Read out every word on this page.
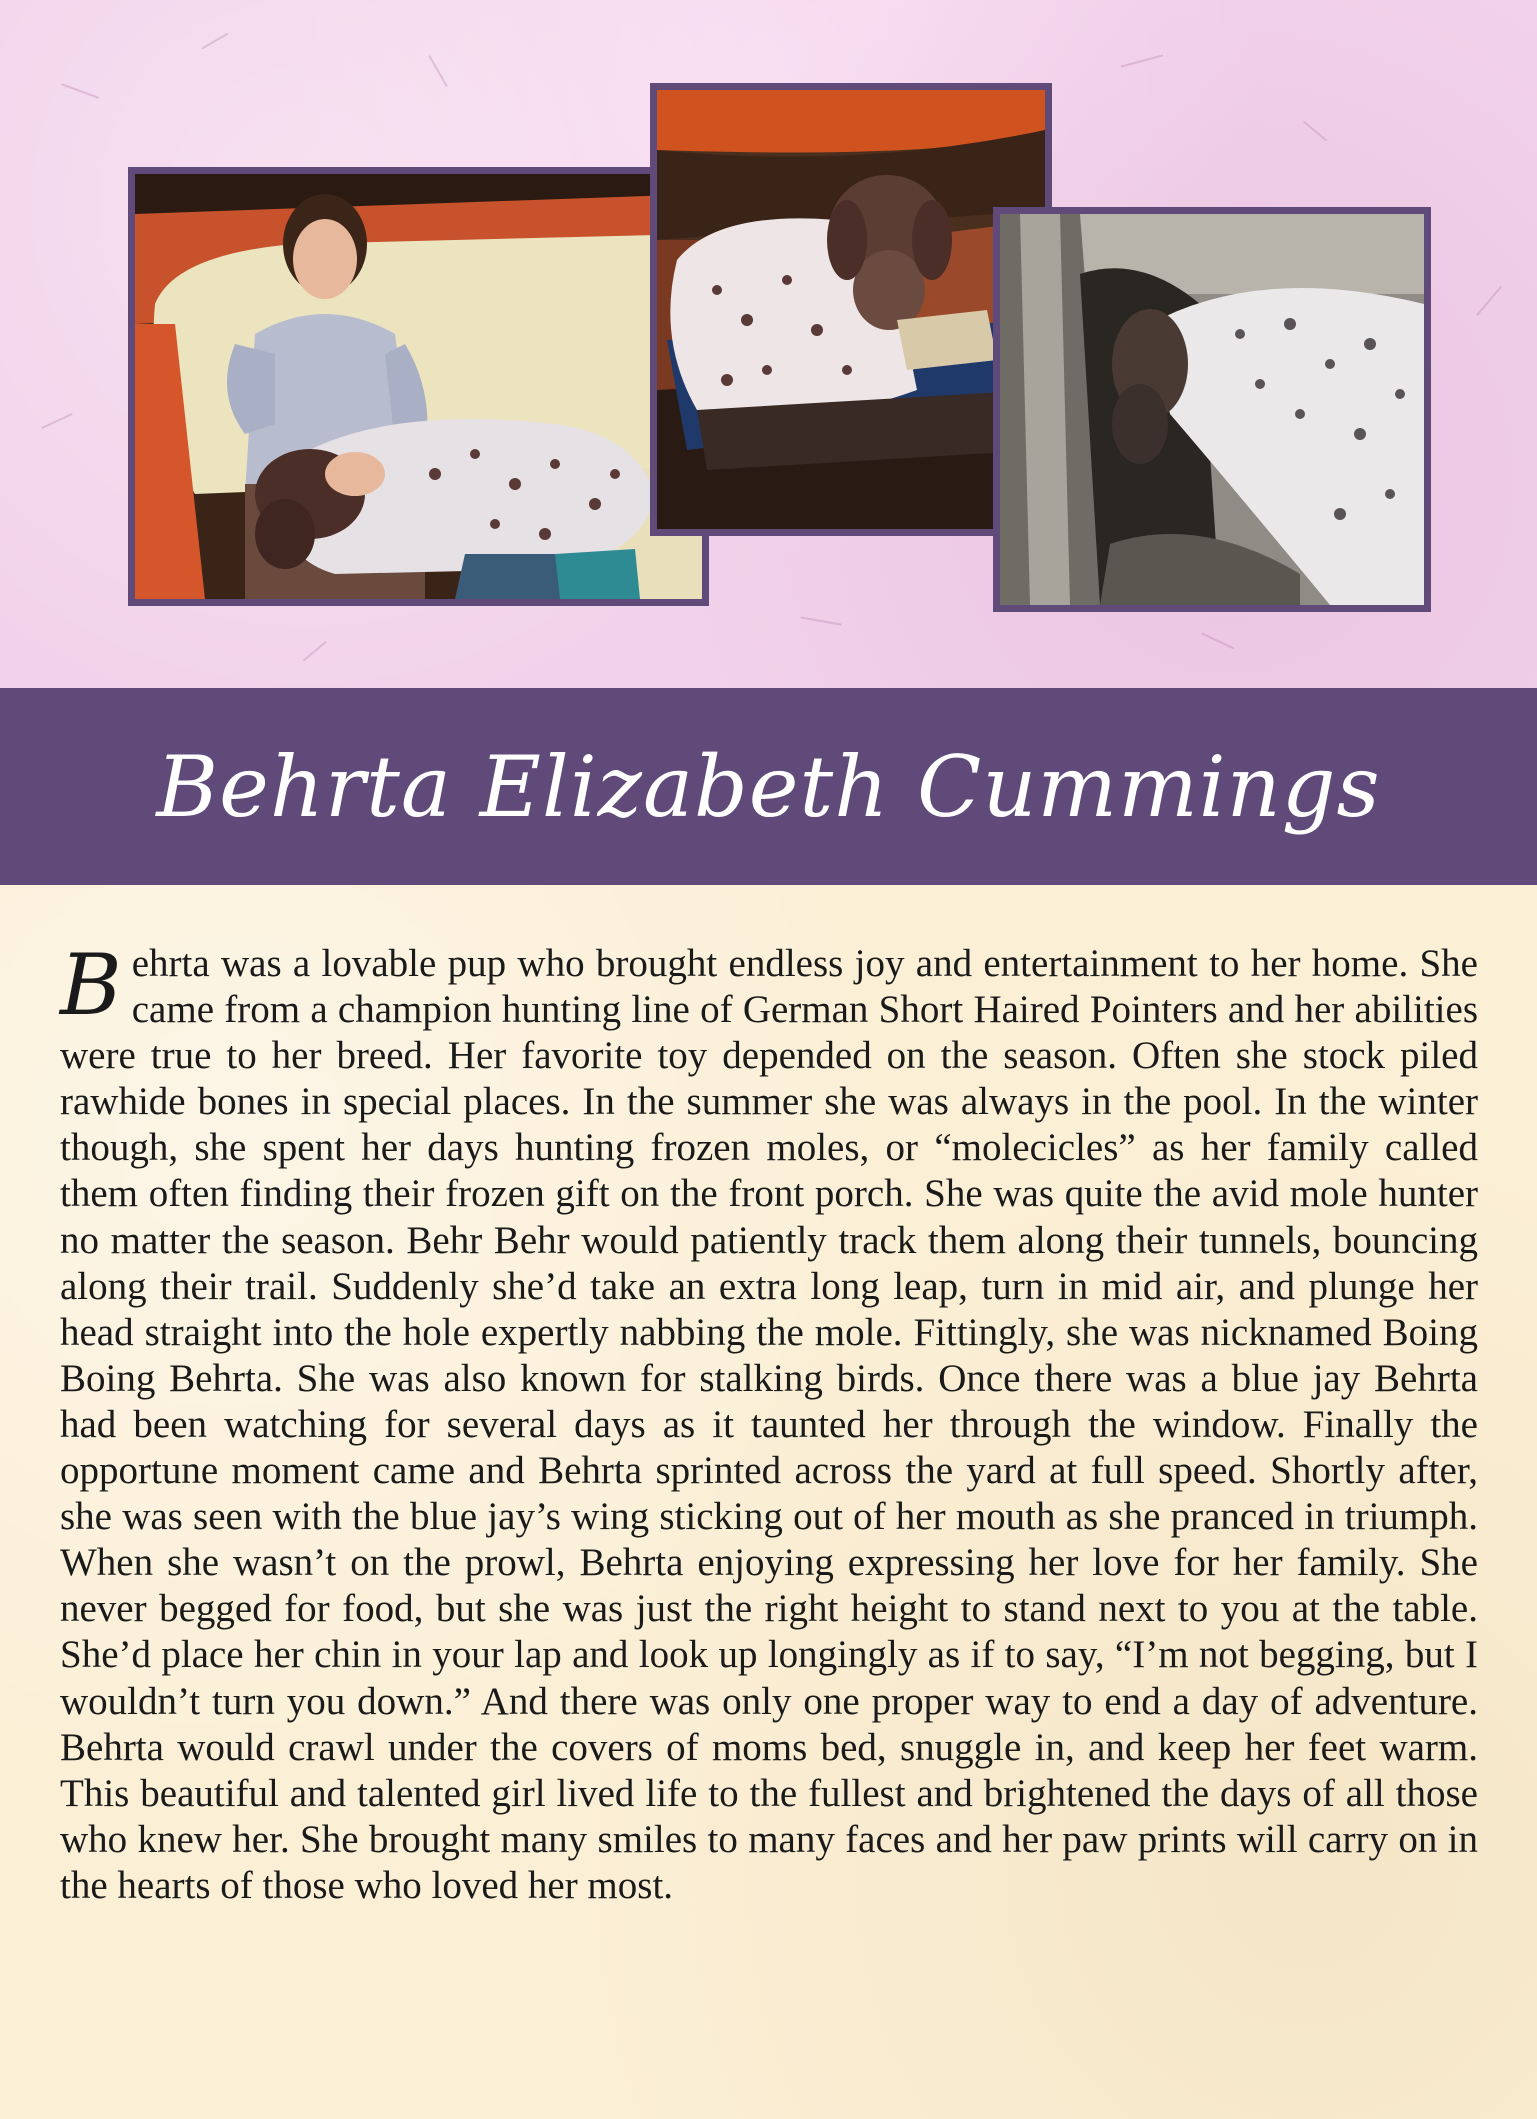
Behrta Elizabeth Cummings

Behrta was a lovable pup who brought endless joy and entertainment to her home. She came from a champion hunting line of German Short Haired Pointers and her abilities were true to her breed. Her favorite toy depended on the season. Often she stock piled rawhide bones in special places. In the summer she was always in the pool. In the winter though, she spent her days hunting frozen moles, or “molecicles” as her family called them often finding their frozen gift on the front porch. She was quite the avid mole hunter no matter the season. Behr Behr would patiently track them along their tunnels, bouncing along their trail. Suddenly she’d take an extra long leap, turn in mid air, and plunge her head straight into the hole expertly nabbing the mole. Fittingly, she was nicknamed Boing Boing Behrta. She was also known for stalking birds. Once there was a blue jay Behrta had been watching for several days as it taunted her through the window. Finally the opportune moment came and Behrta sprinted across the yard at full speed. Shortly after, she was seen with the blue jay’s wing sticking out of her mouth as she pranced in triumph. When she wasn’t on the prowl, Behrta enjoying expressing her love for her family. She never begged for food, but she was just the right height to stand next to you at the table. She’d place her chin in your lap and look up longingly as if to say, “I’m not begging, but I wouldn’t turn you down.” And there was only one proper way to end a day of adventure. Behrta would crawl under the covers of moms bed, snuggle in, and keep her feet warm. This beautiful and talented girl lived life to the fullest and brightened the days of all those who knew her. She brought many smiles to many faces and her paw prints will carry on in the hearts of those who loved her most.
